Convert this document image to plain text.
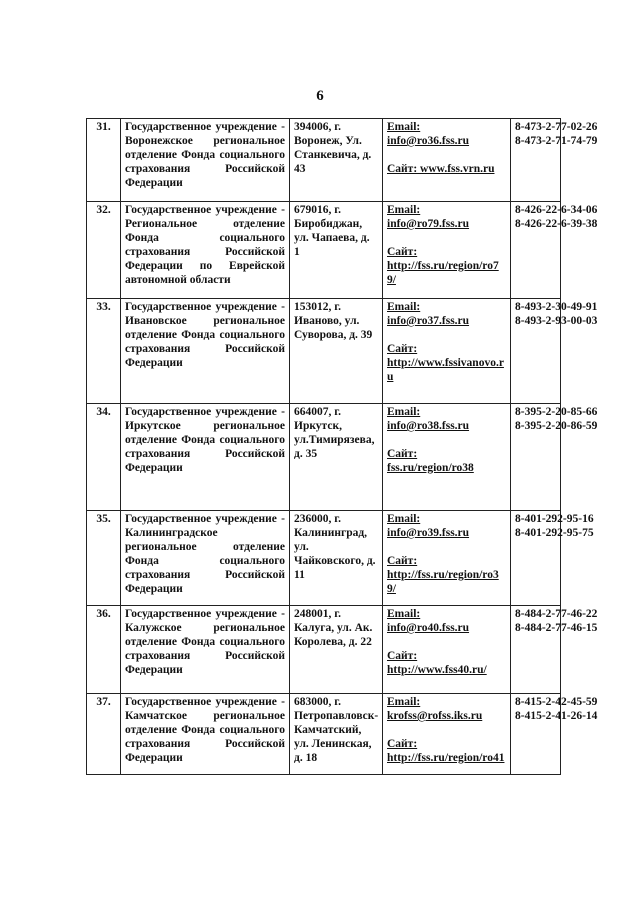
6
31.	Государственное учреждение - Воронежское региональное отделение Фонда социального страхования Российской Федерации	394006, г. Воронеж, Ул. Станкевича, д. 43	Email:
info@ro36.fss.ru
Сайт: www.fss.vrn.ru	8-473-2-77-02-26
8-473-2-71-74-79

32.	Государственное учреждение - Региональное отделение Фонда социального страхования Российской Федерации по Еврейской автономной области	679016, г. Биробиджан, ул. Чапаева, д. 1	Email:
info@ro79.fss.ru
Сайт:
http://fss.ru/region/ro79/	8-426-22-6-34-06
8-426-22-6-39-38

33.	Государственное учреждение - Ивановское региональное отделение Фонда социального страхования Российской Федерации	153012, г. Иваново, ул. Суворова, д. 39	Email:
info@ro37.fss.ru
Сайт:
http://www.fssivanovo.ru	8-493-2-30-49-91
8-493-2-93-00-03

34.	Государственное учреждение - Иркутское региональное отделение Фонда социального страхования Российской Федерации	664007, г. Иркутск, ул.Тимирязева, д. 35	Email:
info@ro38.fss.ru
Сайт:
fss.ru/region/ro38	8-395-2-20-85-66
8-395-2-20-86-59

35.	Государственное учреждение - Калининградское региональное отделение Фонда социального страхования Российской Федерации	236000, г. Калининград, ул. Чайковского, д. 11	Email:
info@ro39.fss.ru
Сайт:
http://fss.ru/region/ro39/	8-401-292-95-16
8-401-292-95-75

36.	Государственное учреждение - Калужское региональное отделение Фонда социального страхования Российской Федерации	248001, г. Калуга, ул. Ак. Королева, д. 22	Email:
info@ro40.fss.ru
Сайт:
http://www.fss40.ru/	8-484-2-77-46-22
8-484-2-77-46-15

37.	Государственное учреждение - Камчатское региональное отделение Фонда социального страхования Российской Федерации	683000, г. Петропавловск-Камчатский, ул. Ленинская, д. 18	Email:
krofss@rofss.iks.ru
Сайт:
http://fss.ru/region/ro41	8-415-2-42-45-59
8-415-2-41-26-14
